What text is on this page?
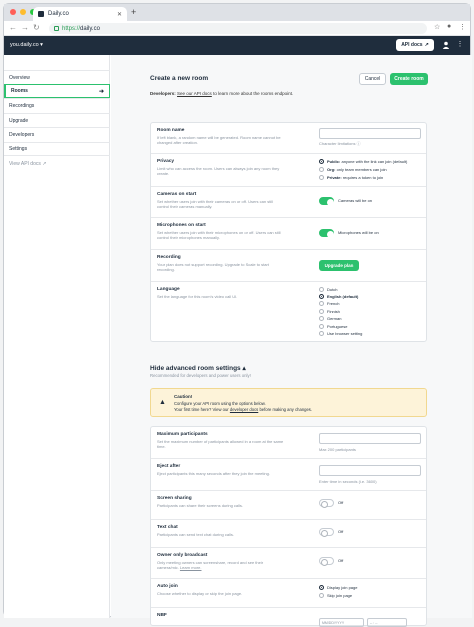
Daily.co	✕ +
← → ↻	https:// daily.co	☆ ● ⋮
you.daily.co ▾	API docs ↗	⋮
Overview
Rooms	➜
Recordings
Upgrade
Developers
Settings
View API docs
↗
Create a new room	Cancel	Create room
Developers: See our API docs to learn more about the rooms endpoint.
Room name
If left blank, a random name will be generated. Room name cannot be changed after creation.	Character limitations ⓘ
Privacy
Limit who can access the room. Users can always join any room they create.
Public: anyone with the link can join (default)
Org: only team members can join
Private: requires a token to join
Cameras on start
Set whether users join with their cameras on or off. Users can still control their cameras manually.
Cameras will be on
Microphones on start
Set whether users join with their microphones on or off. Users can still control their microphones manually.
Microphones will be on
Recording
Your plan does not support recording. Upgrade to Scale to start recording.
Upgrade plan
Language
Set the language for this room's video call UI.
Dutch
English (default)
French
Finnish
German
Portuguese
Use browser setting
Hide advanced room settings ▴
Recommended for developers and power users only!
▲
Caution!
Configure your API room using the options below.
Your first time here? View our developer docs before making any changes.
Maximum participants
Set the maximum number of participants allowed in a room at the same time.
Max 200 participants
Eject after
Eject participants this many seconds after they join the meeting.
Enter time in seconds (i.e. 3600)
Screen sharing
Participants can share their screens during calls.
Off
Text chat
Participants can send text chat during calls.
Off
Owner only broadcast
Only meeting owners can screenshare, record and see their camera/mic. Learn more.
Off
Auto join
Choose whether to display or skip the join page.
Display join page
Skip join page
NBF
MM/DD/YYYY	-- : --
